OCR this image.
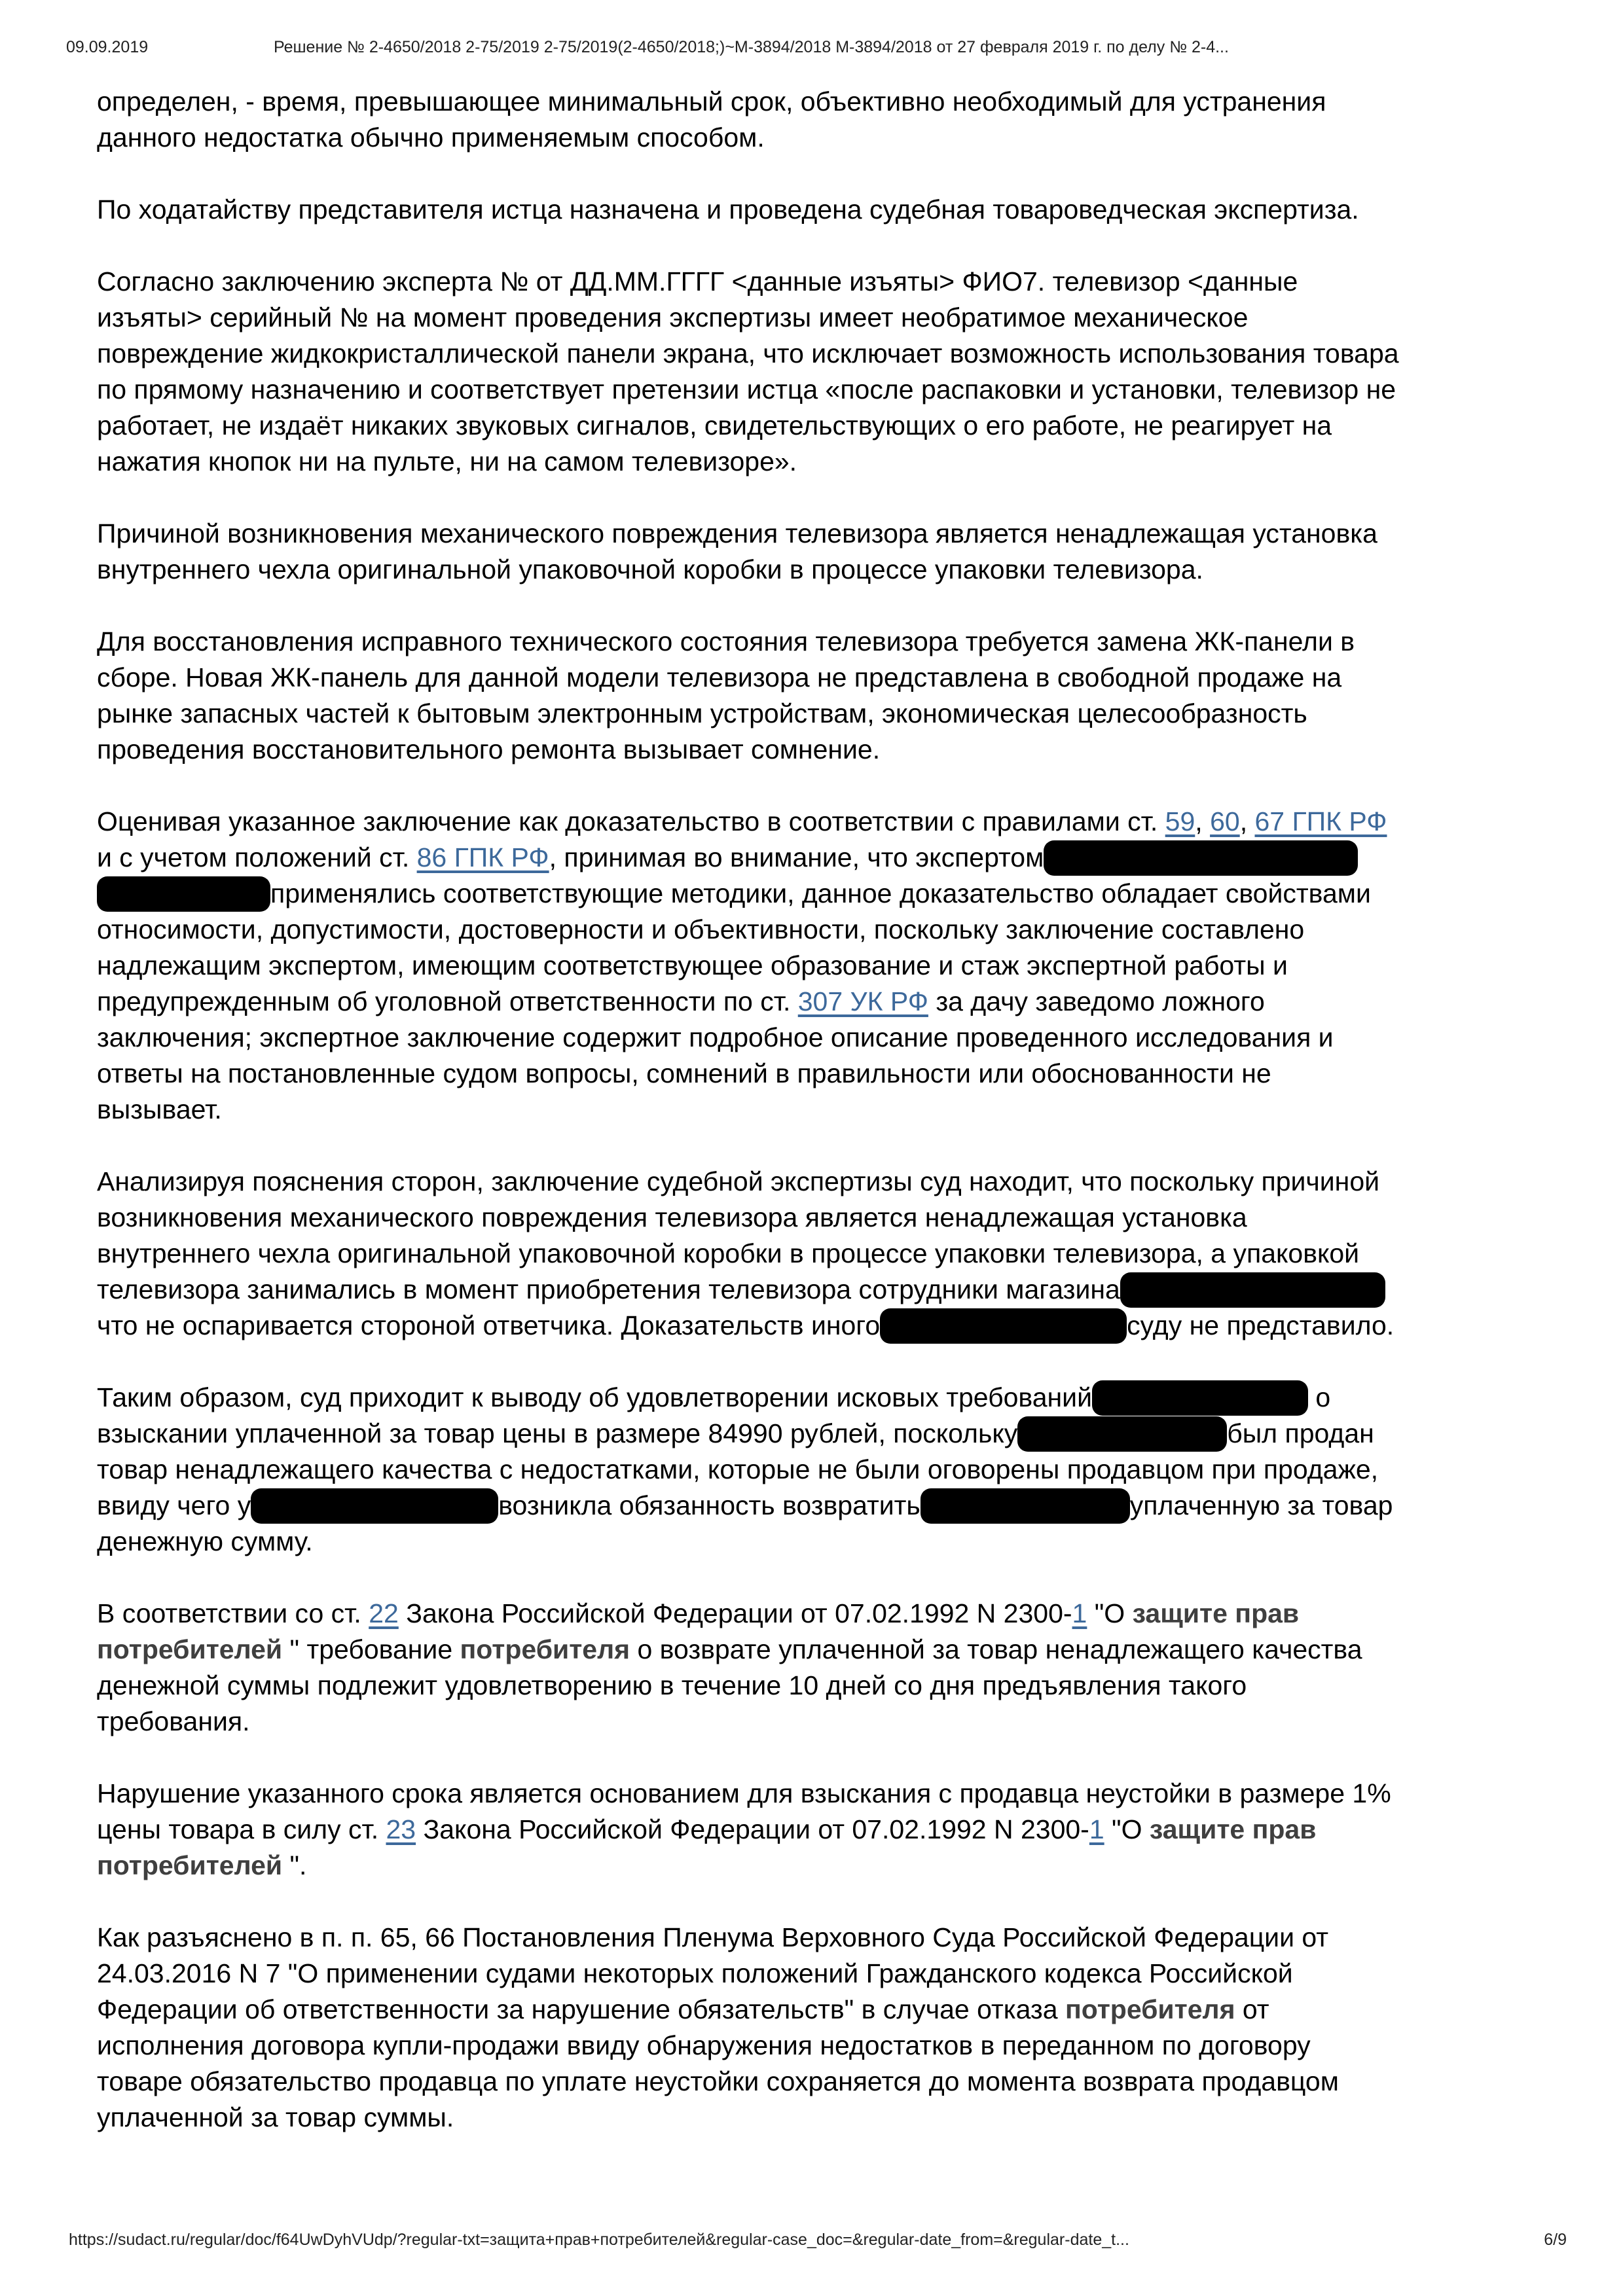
09.09.2019

	Решение № 2-4650/2018 2-75/2019 2-75/2019(2-4650/2018;)~М-3894/2018 М-3894/2018 от 27 февраля 2019 г. по делу № 2-4...

определен, - время, превышающее минимальный срок, объективно необходимый для устранения
данного недостатка обычно применяемым способом.
По ходатайству представителя истца назначена и проведена судебная товароведческая экспертиза.
Согласно заключению эксперта № от ДД.ММ.ГГГГ <данные изъяты> ФИО7. телевизор <данные
изъяты> серийный № на момент проведения экспертизы имеет необратимое механическое
повреждение жидкокристаллической панели экрана, что исключает возможность использования товара
по прямому назначению и соответствует претензии истца «после распаковки и установки, телевизор не
работает, не издаёт никаких звуковых сигналов, свидетельствующих о его работе, не реагирует на
нажатия кнопок ни на пульте, ни на самом телевизоре».
Причиной возникновения механического повреждения телевизора является ненадлежащая установка
внутреннего чехла оригинальной упаковочной коробки в процессе упаковки телевизора.
Для восстановления исправного технического состояния телевизора требуется замена ЖК-панели в
сборе. Новая ЖК-панель для данной модели телевизора не представлена в свободной продаже на
рынке запасных частей к бытовым электронным устройствам, экономическая целесообразность
проведения восстановительного ремонта вызывает сомнение.
Оценивая указанное заключение как доказательство в соответствии с правилами ст. 59, 60, 67 ГПК РФ
и с учетом положений ст. 86 ГПК РФ, принимая во внимание, что экспертом
применялись соответствующие методики, данное доказательство обладает свойствами
относимости, допустимости, достоверности и объективности, поскольку заключение составлено
надлежащим экспертом, имеющим соответствующее образование и стаж экспертной работы и
предупрежденным об уголовной ответственности по ст. 307 УК РФ за дачу заведомо ложного
заключения; экспертное заключение содержит подробное описание проведенного исследования и
ответы на постановленные судом вопросы, сомнений в правильности или обоснованности не
вызывает.
Анализируя пояснения сторон, заключение судебной экспертизы суд находит, что поскольку причиной
возникновения механического повреждения телевизора является ненадлежащая установка
внутреннего чехла оригинальной упаковочной коробки в процессе упаковки телевизора, а упаковкой
телевизора занимались в момент приобретения телевизора сотрудники магазина
что не оспаривается стороной ответчика. Доказательств иного	суду не представило.
Таким образом, суд приходит к выводу об удовлетворении исковых требований	о
взыскании уплаченной за товар цены в размере 84990 рублей, поскольку	был продан
товар ненадлежащего качества с недостатками, которые не были оговорены продавцом при продаже,
ввиду чего у	возникла обязанность возвратить	уплаченную за товар
денежную сумму.
В соответствии со ст. 22 Закона Российской Федерации от 07.02.1992 N 2300-1 "О защите прав
потребителей " требование потребителя о возврате уплаченной за товар ненадлежащего качества
денежной суммы подлежит удовлетворению в течение 10 дней со дня предъявления такого
требования.
Нарушение указанного срока является основанием для взыскания с продавца неустойки в размере 1%
цены товара в силу ст. 23 Закона Российской Федерации от 07.02.1992 N 2300-1 "О защите прав
потребителей ".
Как разъяснено в п. п. 65, 66 Постановления Пленума Верховного Суда Российской Федерации от
24.03.2016 N 7 "О применении судами некоторых положений Гражданского кодекса Российской
Федерации об ответственности за нарушение обязательств" в случае отказа потребителя от
исполнения договора купли-продажи ввиду обнаружения недостатков в переданном по договору
товаре обязательство продавца по уплате неустойки сохраняется до момента возврата продавцом
уплаченной за товар суммы.

https://sudact.ru/regular/doc/f64UwDyhVUdp/?regular-txt=защита+прав+потребителей&regular-case_doc=&regular-date_from=&regular-date_t...

	6/9
